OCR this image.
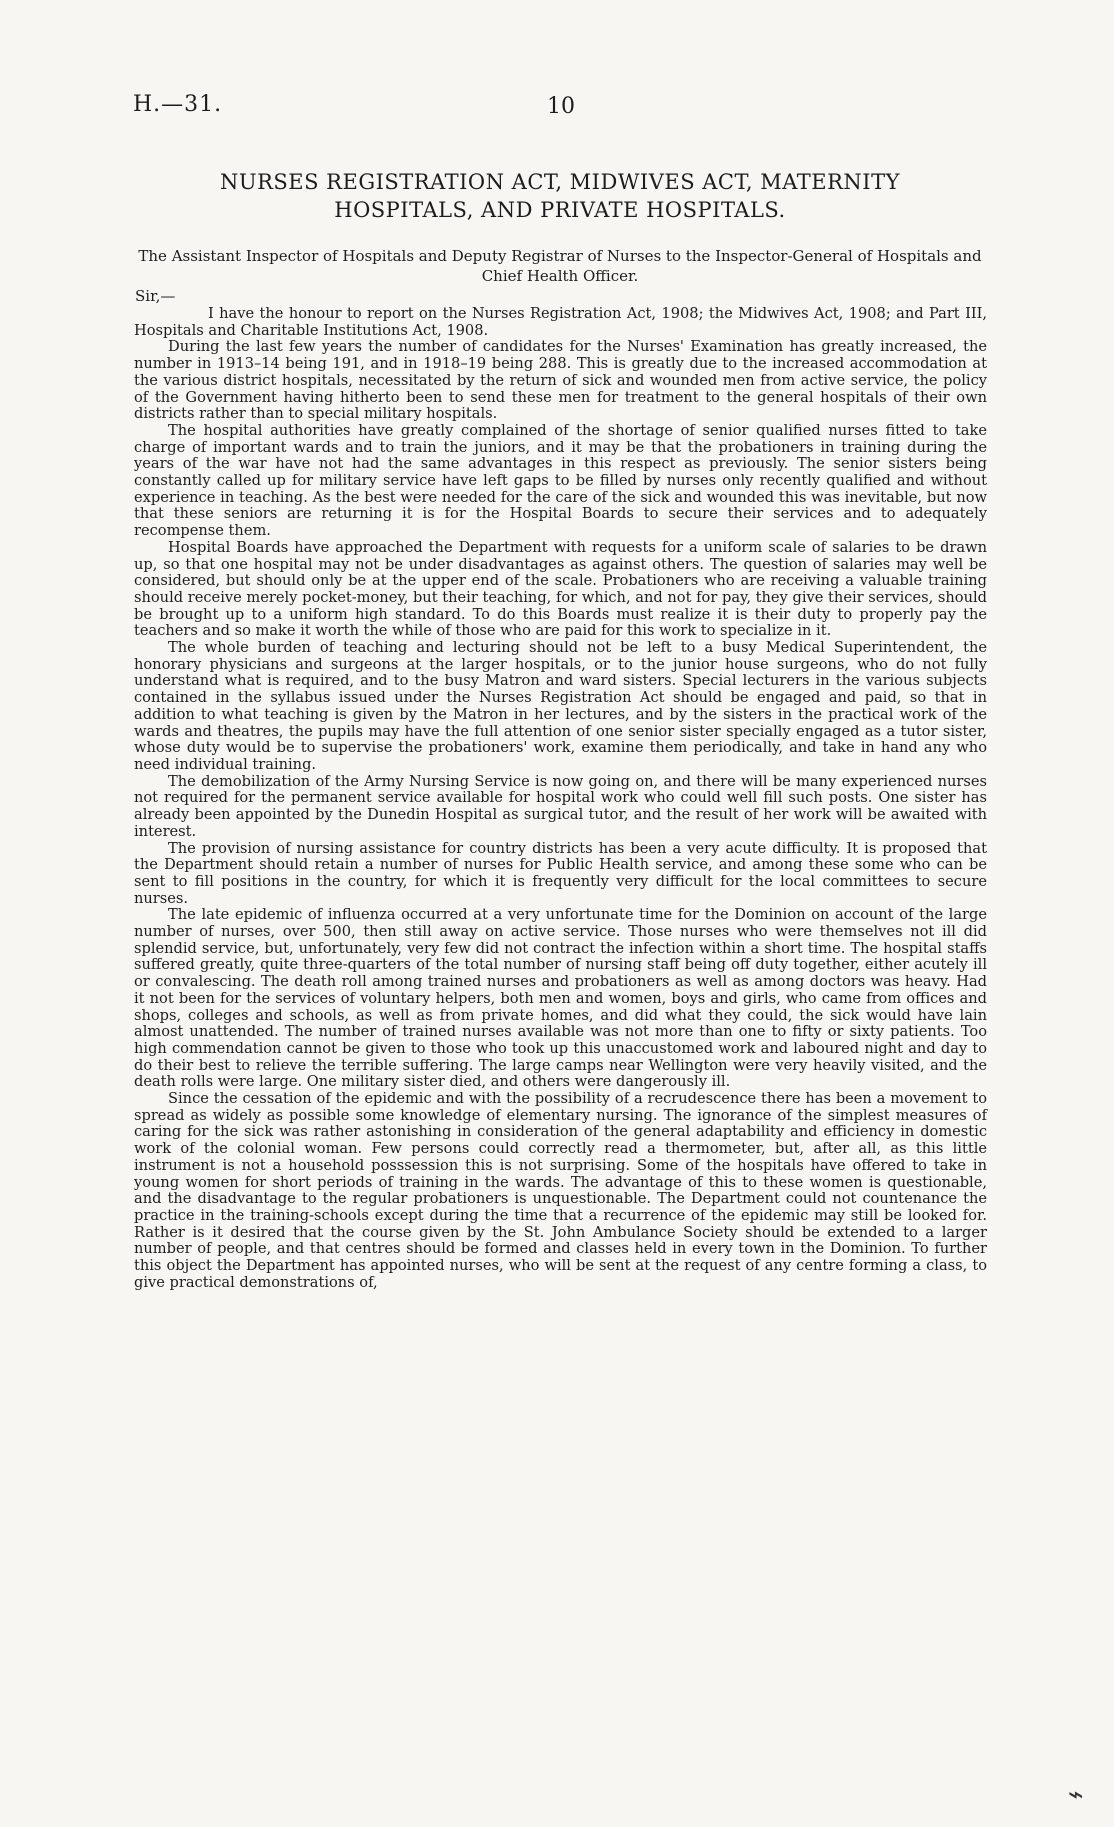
H.—31.	10
NURSES REGISTRATION ACT, MIDWIVES ACT, MATERNITY HOSPITALS, AND PRIVATE HOSPITALS.
The Assistant Inspector of Hospitals and Deputy Registrar of Nurses to the Inspector-General of Hospitals and Chief Health Officer.
Sir,—

I have the honour to report on the Nurses Registration Act, 1908; the Midwives Act, 1908; and Part III, Hospitals and Charitable Institutions Act, 1908.

During the last few years the number of candidates for the Nurses' Examination has greatly increased, the number in 1913–14 being 191, and in 1918–19 being 288. This is greatly due to the increased accommodation at the various district hospitals, necessitated by the return of sick and wounded men from active service, the policy of the Government having hitherto been to send these men for treatment to the general hospitals of their own districts rather than to special military hospitals.

The hospital authorities have greatly complained of the shortage of senior qualified nurses fitted to take charge of important wards and to train the juniors, and it may be that the probationers in training during the years of the war have not had the same advantages in this respect as previously. The senior sisters being constantly called up for military service have left gaps to be filled by nurses only recently qualified and without experience in teaching. As the best were needed for the care of the sick and wounded this was inevitable, but now that these seniors are returning it is for the Hospital Boards to secure their services and to adequately recompense them.

Hospital Boards have approached the Department with requests for a uniform scale of salaries to be drawn up, so that one hospital may not be under disadvantages as against others. The question of salaries may well be considered, but should only be at the upper end of the scale. Probationers who are receiving a valuable training should receive merely pocket-money, but their teaching, for which, and not for pay, they give their services, should be brought up to a uniform high standard. To do this Boards must realize it is their duty to properly pay the teachers and so make it worth the while of those who are paid for this work to specialize in it.

The whole burden of teaching and lecturing should not be left to a busy Medical Superintendent, the honorary physicians and surgeons at the larger hospitals, or to the junior house surgeons, who do not fully understand what is required, and to the busy Matron and ward sisters. Special lecturers in the various subjects contained in the syllabus issued under the Nurses Registration Act should be engaged and paid, so that in addition to what teaching is given by the Matron in her lectures, and by the sisters in the practical work of the wards and theatres, the pupils may have the full attention of one senior sister specially engaged as a tutor sister, whose duty would be to supervise the probationers' work, examine them periodically, and take in hand any who need individual training.

The demobilization of the Army Nursing Service is now going on, and there will be many experienced nurses not required for the permanent service available for hospital work who could well fill such posts. One sister has already been appointed by the Dunedin Hospital as surgical tutor, and the result of her work will be awaited with interest.

The provision of nursing assistance for country districts has been a very acute difficulty. It is proposed that the Department should retain a number of nurses for Public Health service, and among these some who can be sent to fill positions in the country, for which it is frequently very difficult for the local committees to secure nurses.

The late epidemic of influenza occurred at a very unfortunate time for the Dominion on account of the large number of nurses, over 500, then still away on active service. Those nurses who were themselves not ill did splendid service, but, unfortunately, very few did not contract the infection within a short time. The hospital staffs suffered greatly, quite three-quarters of the total number of nursing staff being off duty together, either acutely ill or convalescing. The death roll among trained nurses and probationers as well as among doctors was heavy. Had it not been for the services of voluntary helpers, both men and women, boys and girls, who came from offices and shops, colleges and schools, as well as from private homes, and did what they could, the sick would have lain almost unattended. The number of trained nurses available was not more than one to fifty or sixty patients. Too high commendation cannot be given to those who took up this unaccustomed work and laboured night and day to do their best to relieve the terrible suffering. The large camps near Wellington were very heavily visited, and the death rolls were large. One military sister died, and others were dangerously ill.

Since the cessation of the epidemic and with the possibility of a recrudescence there has been a movement to spread as widely as possible some knowledge of elementary nursing. The ignorance of the simplest measures of caring for the sick was rather astonishing in consideration of the general adaptability and efficiency in domestic work of the colonial woman. Few persons could correctly read a thermometer, but, after all, as this little instrument is not a household posssession this is not surprising. Some of the hospitals have offered to take in young women for short periods of training in the wards. The advantage of this to these women is questionable, and the disadvantage to the regular probationers is unquestionable. The Department could not countenance the practice in the training-schools except during the time that a recurrence of the epidemic may still be looked for. Rather is it desired that the course given by the St. John Ambulance Society should be extended to a larger number of people, and that centres should be formed and classes held in every town in the Dominion. To further this object the Department has appointed nurses, who will be sent at the request of any centre forming a class, to give practical demonstrations of,

⌁
